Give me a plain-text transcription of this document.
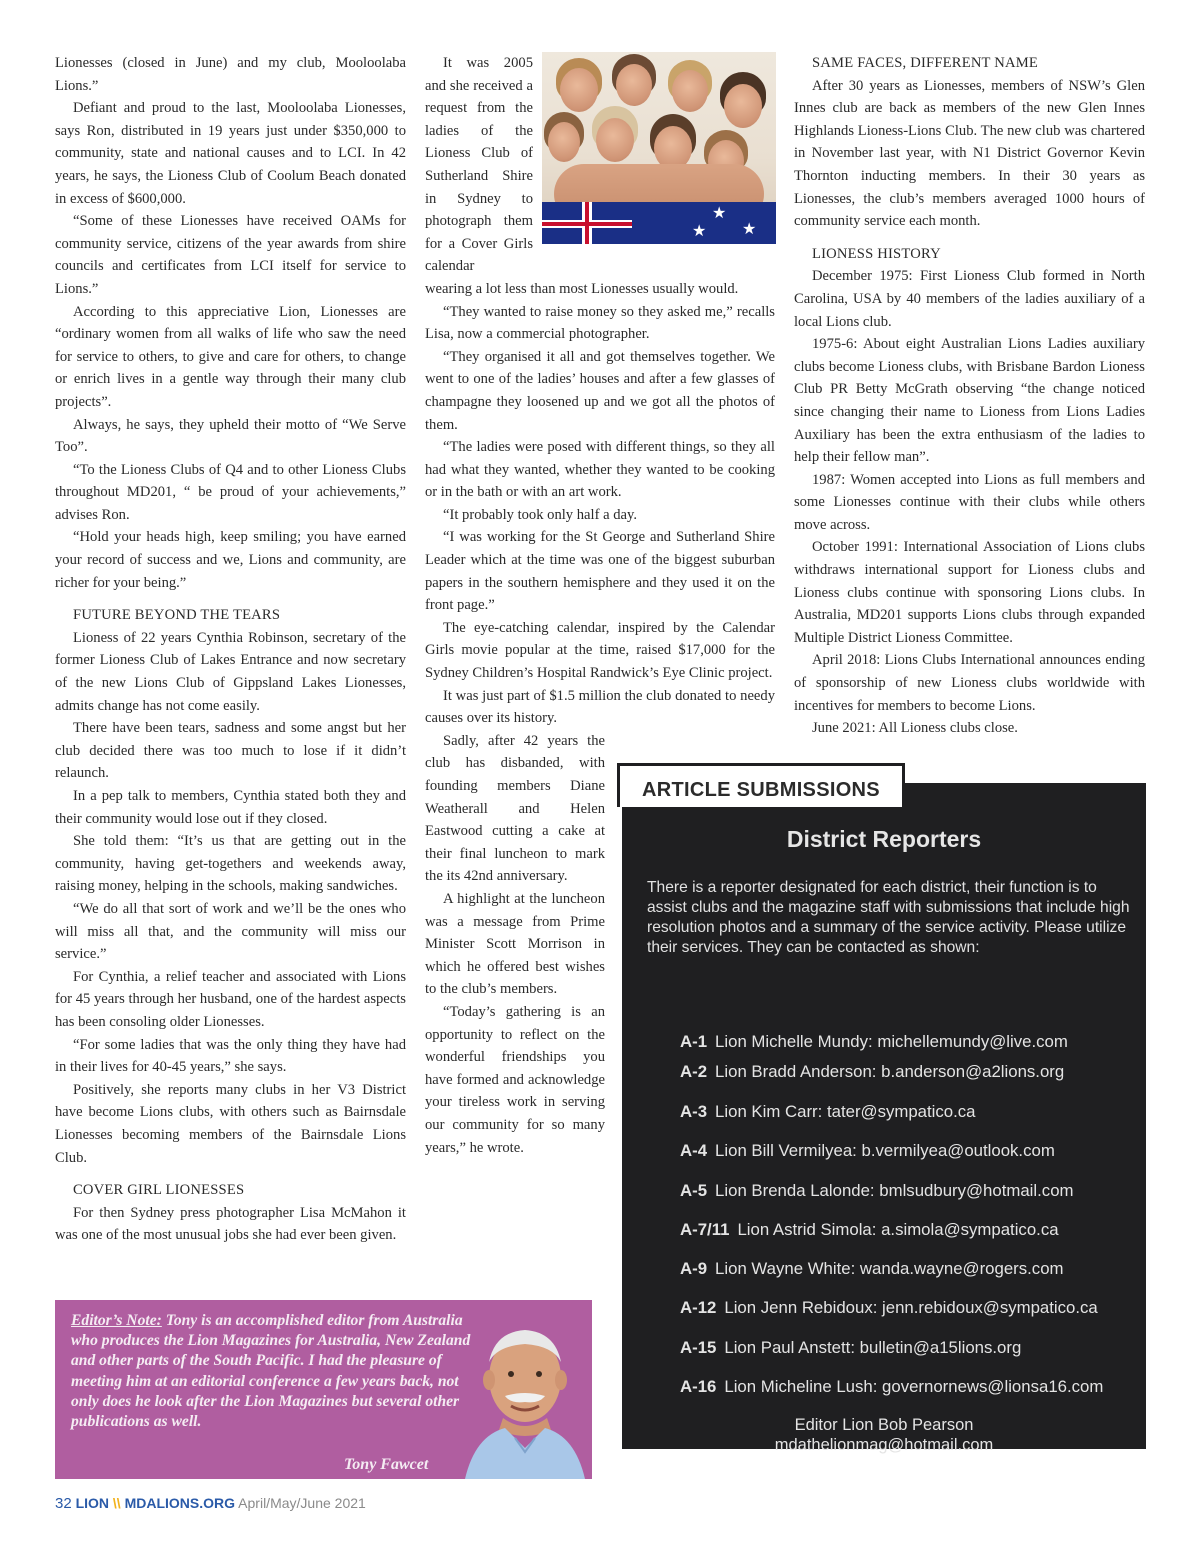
Lionesses (closed in June) and my club, Mooloolaba Lions.”

Defiant and proud to the last, Mooloolaba Lionesses, says Ron, distributed in 19 years just under $350,000 to community, state and national causes and to LCI. In 42 years, he says, the Lioness Club of Coolum Beach donated in excess of $600,000.

“Some of these Lionesses have received OAMs for community service, citizens of the year awards from shire councils and certificates from LCI itself for service to Lions.”

According to this appreciative Lion, Lionesses are “ordinary women from all walks of life who saw the need for service to others, to give and care for others, to change or enrich lives in a gentle way through their many club projects”.

Always, he says, they upheld their motto of “We Serve Too”.

“To the Lioness Clubs of Q4 and to other Lioness Clubs throughout MD201, “ be proud of your achievements,” advises Ron.

“Hold your heads high, keep smiling; you have earned your record of success and we, Lions and community, are richer for your being.”

FUTURE BEYOND THE TEARS

Lioness of 22 years Cynthia Robinson, secretary of the former Lioness Club of Lakes Entrance and now secretary of the new Lions Club of Gippsland Lakes Lionesses, admits change has not come easily.

There have been tears, sadness and some angst but her club decided there was too much to lose if it didn’t relaunch.

In a pep talk to members, Cynthia stated both they and their community would lose out if they closed.

She told them: “It’s us that are getting out in the community, having get-togethers and weekends away, raising money, helping in the schools, making sandwiches.

“We do all that sort of work and we’ll be the ones who will miss all that, and the community will miss our service.”

For Cynthia, a relief teacher and associated with Lions for 45 years through her husband, one of the hardest aspects has been consoling older Lionesses.

“For some ladies that was the only thing they have had in their lives for 40-45 years,” she says.

Positively, she reports many clubs in her V3 District have become Lions clubs, with others such as Bairnsdale Lionesses becoming members of the Bairnsdale Lions Club.

COVER GIRL LIONESSES

For then Sydney press photographer Lisa McMahon it was one of the most unusual jobs she had ever been given.

It was 2005 and she received a request from the ladies of the Lioness Club of Sutherland Shire in Sydney to photograph them for a Cover Girls calendar

wearing a lot less than most Lionesses usually would.

“They wanted to raise money so they asked me,” recalls Lisa, now a commercial photographer.

“They organised it all and got themselves together. We went to one of the ladies’ houses and after a few glasses of champagne they loosened up and we got all the photos of them.

“The ladies were posed with different things, so they all had what they wanted, whether they wanted to be cooking or in the bath or with an art work.

“It probably took only half a day.

“I was working for the St George and Sutherland Shire Leader which at the time was one of the biggest suburban papers in the southern hemisphere and they used it on the front page.”

The eye-catching calendar, inspired by the Calendar Girls movie popular at the time, raised $17,000 for the Sydney Children’s Hospital Randwick’s Eye Clinic project.

It was just part of $1.5 million the club donated to needy causes over its history.

Sadly, after 42 years the club has disbanded, with founding members Diane Weatherall and Helen Eastwood cutting a cake at their final luncheon to mark the its 42nd anniversary.

A highlight at the luncheon was a message from Prime Minister Scott Morrison in which he offered best wishes to the club’s members.

“Today’s gathering is an opportunity to reflect on the wonderful friendships you have formed and acknowledge your tireless work in serving our community for so many years,” he wrote.

★
★
★
SAME FACES, DIFFERENT NAME

After 30 years as Lionesses, members of NSW’s Glen Innes club are back as members of the new Glen Innes Highlands Lioness-Lions Club. The new club was chartered in November last year, with N1 District Governor Kevin Thornton inducting members. In their 30 years as Lionesses, the club’s members averaged 1000 hours of community service each month.

LIONESS HISTORY

December 1975: First Lioness Club formed in North Carolina, USA by 40 members of the ladies auxiliary of a local Lions club.

1975-6: About eight Australian Lions Ladies auxiliary clubs become Lioness clubs, with Brisbane Bardon Lioness Club PR Betty McGrath observing “the change noticed since changing their name to Lioness from Lions Ladies Auxiliary has been the extra enthusiasm of the ladies to help their fellow man”.

1987: Women accepted into Lions as full members and some Lionesses continue with their clubs while others move across.

October 1991: International Association of Lions clubs withdraws international support for Lioness clubs and Lioness clubs continue with sponsoring Lions clubs. In Australia, MD201 supports Lions clubs through expanded Multiple District Lioness Committee.

April 2018: Lions Clubs International announces ending of sponsorship of new Lioness clubs worldwide with incentives for members to become Lions.

June 2021: All Lioness clubs close.

District Reporters
There is a reporter designated for each district, their function is to assist clubs and the magazine staff with submissions that include high resolution photos and a summary of the service activity. Please utilize their services. They can be contacted as shown:
A-1 Lion Michelle Mundy: michellemundy@live.com
A-2 Lion Bradd Anderson: b.anderson@a2lions.org
A-3 Lion Kim Carr: tater@sympatico.ca
A-4 Lion Bill Vermilyea: b.vermilyea@outlook.com
A-5 Lion Brenda Lalonde: bmlsudbury@hotmail.com
A-7/11 Lion Astrid Simola: a.simola@sympatico.ca
A-9 Lion Wayne White: wanda.wayne@rogers.com
A-12 Lion Jenn Rebidoux: jenn.rebidoux@sympatico.ca
A-15 Lion Paul Anstett: bulletin@a15lions.org
A-16 Lion Micheline Lush: governornews@lionsa16.com
Editor Lion Bob Pearson
mdathelionmag@hotmail.com
ARTICLE SUBMISSIONS
Editor’s Note: Tony is an accomplished editor from Australia who produces the Lion Magazines for Australia, New Zealand and other parts of the South Pacific. I had the pleasure of meeting him at an editorial conference a few years back, not only does he look after the Lion Magazines but several other publications as well.
Tony Fawcet
32 LION \\ MDALIONS.ORG April/May/June 2021
